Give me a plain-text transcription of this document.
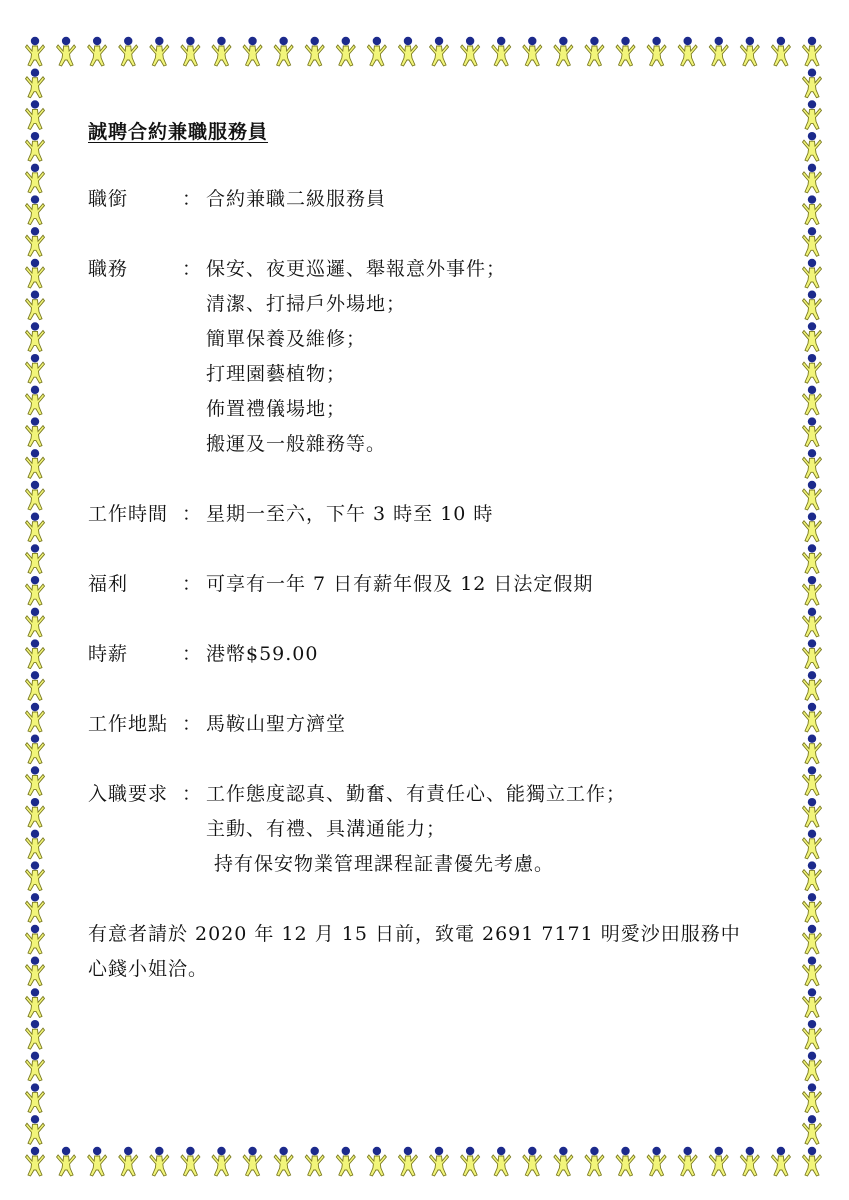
誠聘合約兼職服務員
職銜	： 合約兼職二級服務員
職務	： 保安、夜更巡邏、舉報意外事件；
清潔、打掃戶外場地；
簡單保養及維修；
打理園藝植物；
佈置禮儀場地；
搬運及一般雜務等。
工作時間 ： 星期一至六，下午 3 時至 10 時
福利	： 可享有一年 7 日有薪年假及 12 日法定假期
時薪	： 港幣$59.00
工作地點 ： 馬鞍山聖方濟堂
入職要求 ： 工作態度認真、勤奮、有責任心、能獨立工作；
主動、有禮、具溝通能力；
持有保安物業管理課程証書優先考慮。
有意者請於 2020 年 12 月 15 日前，致電 2691 7171 明愛沙田服務中
心錢小姐洽。
